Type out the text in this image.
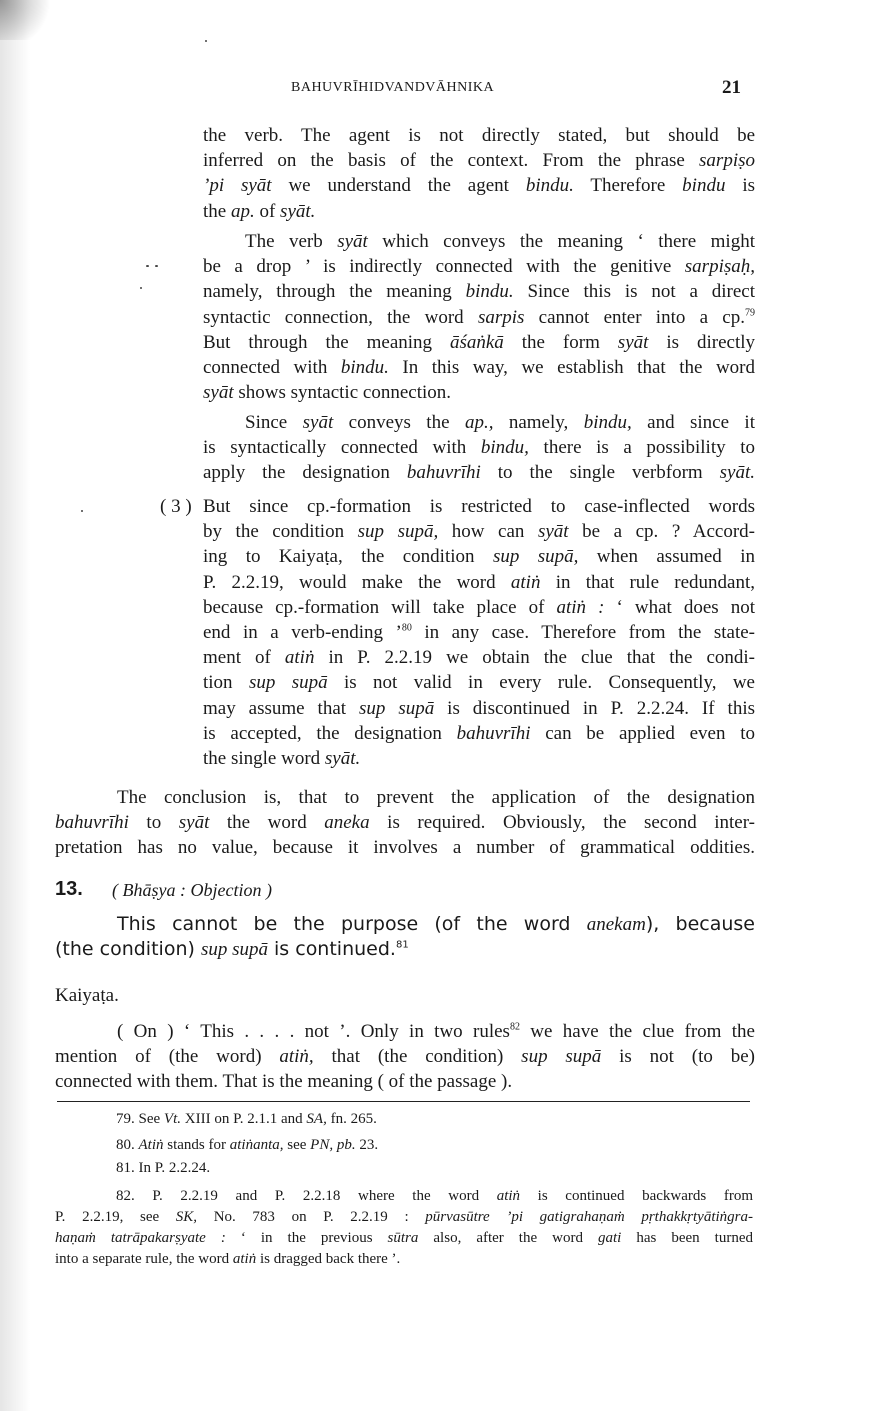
BAHUVRĪHIDVANDVĀHNIKA	21
the verb. The agent is not directly stated, but should be
inferred on the basis of the context. From the phrase sarpiṣo
’pi syāt we understand the agent bindu. Therefore bindu is
the ap. of syāt.
The verb syāt which conveys the meaning ‘ there might
be a drop ’ is indirectly connected with the genitive sarpiṣaḥ,
namely, through the meaning bindu. Since this is not a direct
syntactic connection, the word sarpis cannot enter into a cp.$^{79}$
But through the meaning āśaṅkā the form syāt is directly
connected with bindu. In this way, we establish that the word
syāt shows syntactic connection.
Since syāt conveys the ap., namely, bindu, and since it
is syntactically connected with bindu, there is a possibility to
apply the designation bahuvrīhi to the single verbform syāt.
( 3 ) But since cp.-formation is restricted to case-inflected words
by the condition sup supā, how can syāt be a cp. ? Accord-
ing to Kaiyaṭa, the condition sup supā, when assumed in
P. 2.2.19, would make the word atiṅ in that rule redundant,
because cp.-formation will take place of atiṅ : ‘ what does not
end in a verb-ending ’$^{80}$ in any case. Therefore from the state-
ment of atiṅ in P. 2.2.19 we obtain the clue that the condi-
tion sup supā is not valid in every rule. Consequently, we
may assume that sup supā is discontinued in P. 2.2.24. If this
is accepted, the designation bahuvrīhi can be applied even to
the single word syāt.
The conclusion is, that to prevent the application of the designation
bahuvrīhi to syāt the word aneka is required. Obviously, the second inter-
pretation has no value, because it involves a number of grammatical oddities.
13. ( Bhāṣya : Objection )
This cannot be the purpose (of the word anekam), because
(the condition) sup supā is continued.$^{81}$
Kaiyaṭa.
( On ) ‘ This . . . . not ’. Only in two rules$^{82}$ we have the clue from the
mention of (the word) atiṅ, that (the condition) sup supā is not (to be)
connected with them. That is the meaning ( of the passage ).
79. See Vt. XIII on P. 2.1.1 and SA, fn. 265.
80. Atiṅ stands for atiṅanta, see PN, pb. 23.
81. In P. 2.2.24.
82. P. 2.2.19 and P. 2.2.18 where the word atiṅ is continued backwards from
P. 2.2.19, see SK, No. 783 on P. 2.2.19 : pūrvasūtre ’pi gatigrahaṇaṁ pṛthakkṛtyātiṅgra-
haṇaṁ tatrāpakarṣyate : ‘ in the previous sūtra also, after the word gati has been turned
into a separate rule, the word atiṅ is dragged back there ’.
